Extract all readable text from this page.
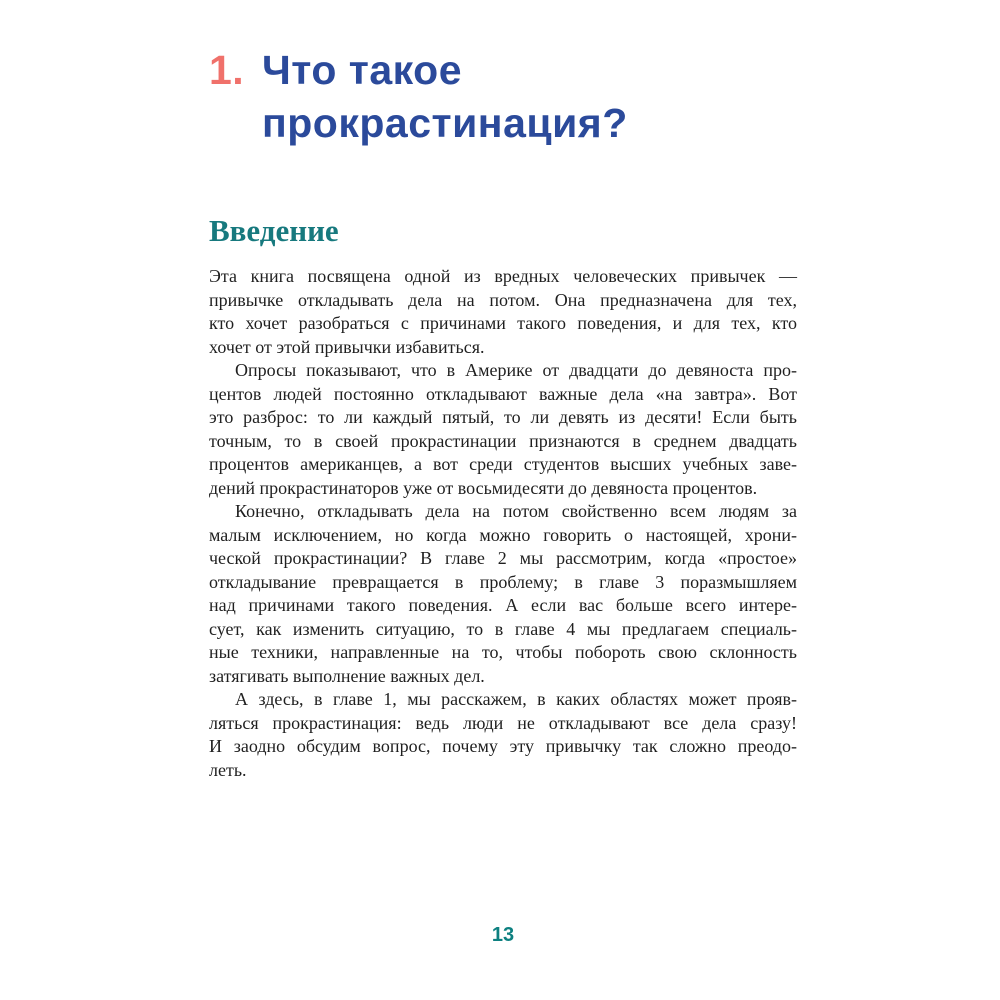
1. Что такое
прокрастинация?
Введение
Эта книга посвящена одной из вредных человеческих привычек —
привычке откладывать дела на потом. Она предназначена для тех,
кто хочет разобраться с причинами такого поведения, и для тех, кто
хочет от этой привычки избавиться.
Опросы показывают, что в Америке от двадцати до девяноста про-
центов людей постоянно откладывают важные дела «на завтра». Вот
это разброс: то ли каждый пятый, то ли девять из десяти! Если быть
точным, то в своей прокрастинации признаются в среднем двадцать
процентов американцев, а вот среди студентов высших учебных заве-
дений прокрастинаторов уже от восьмидесяти до девяноста процентов.
Конечно, откладывать дела на потом свойственно всем людям за
малым исключением, но когда можно говорить о настоящей, хрони-
ческой прокрастинации? В главе 2 мы рассмотрим, когда «простое»
откладывание превращается в проблему; в главе 3 поразмышляем
над причинами такого поведения. А если вас больше всего интере-
сует, как изменить ситуацию, то в главе 4 мы предлагаем специаль-
ные техники, направленные на то, чтобы побороть свою склонность
затягивать выполнение важных дел.
А здесь, в главе 1, мы расскажем, в каких областях может прояв-
ляться прокрастинация: ведь люди не откладывают все дела сразу!
И заодно обсудим вопрос, почему эту привычку так сложно преодо-
леть.
13
